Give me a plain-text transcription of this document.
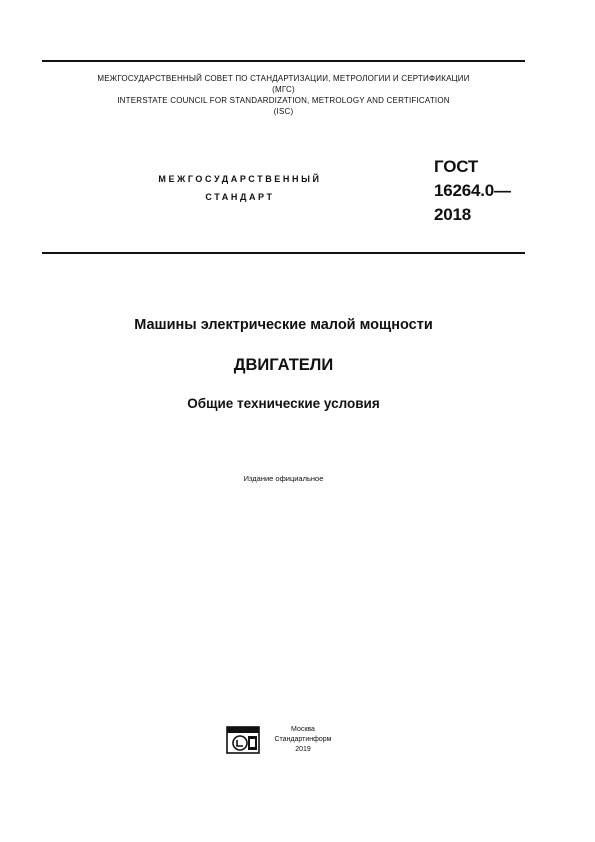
МЕЖГОСУДАРСТВЕННЫЙ СОВЕТ ПО СТАНДАРТИЗАЦИИ, МЕТРОЛОГИИ И СЕРТИФИКАЦИИ
(МГС)
INTERSTATE COUNCIL FOR STANDARDIZATION, METROLOGY AND CERTIFICATION
(ISC)
МЕЖГОСУДАРСТВЕННЫЙ
СТАНДАРТ
ГОСТ
16264.0—
2018
Машины электрические малой мощности
ДВИГАТЕЛИ
Общие технические условия
Издание официальное
Москва
Стандартинформ
2019
